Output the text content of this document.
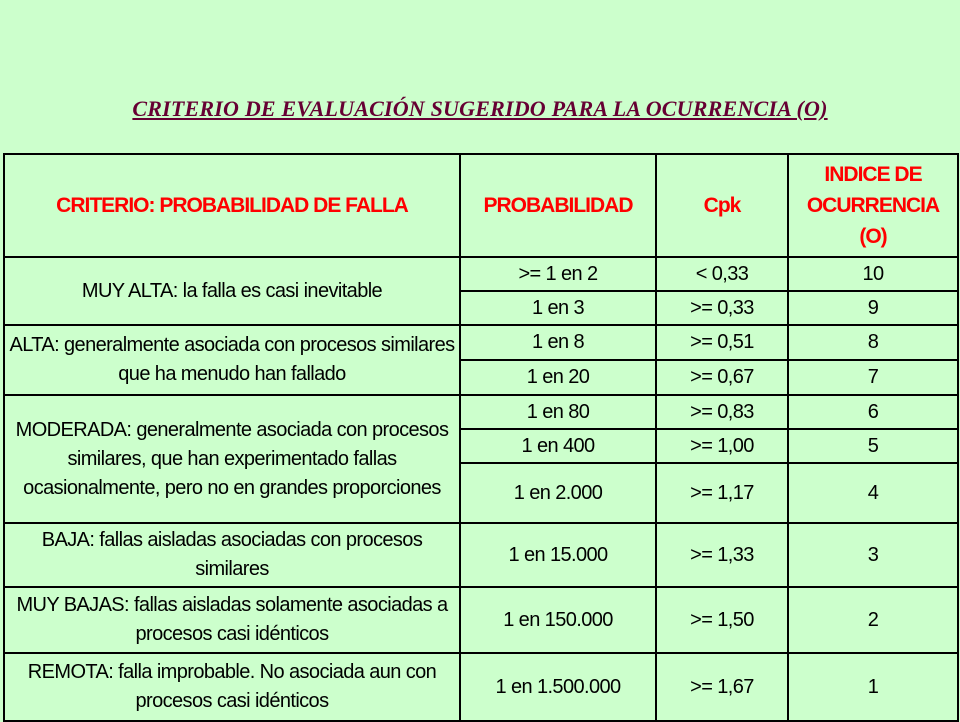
CRITERIO DE EVALUACIÓN SUGERIDO PARA LA OCURRENCIA (O)
CRITERIO: PROBABILIDAD DE FALLA	PROBABILIDAD	Cpk	INDICE DE
OCURRENCIA
(O)
MUY ALTA: la falla es casi inevitable	>= 1 en 2	< 0,33	10
	1 en 3	>= 0,33	9
ALTA: generalmente asociada con procesos similares que ha menudo han fallado	1 en 8	>= 0,51	8
	1 en 20	>= 0,67	7
MODERADA: generalmente asociada con procesos similares, que han experimentado fallas ocasionalmente, pero no en grandes proporciones	1 en 80	>= 0,83	6
	1 en 400	>= 1,00	5
	1 en 2.000	>= 1,17	4
BAJA: fallas aisladas asociadas con procesos similares	1 en 15.000	>= 1,33	3
MUY BAJAS: fallas aisladas solamente asociadas a procesos casi idénticos	1 en 150.000	>= 1,50	2
REMOTA: falla improbable. No asociada aun con procesos casi idénticos	1 en 1.500.000	>= 1,67	1
